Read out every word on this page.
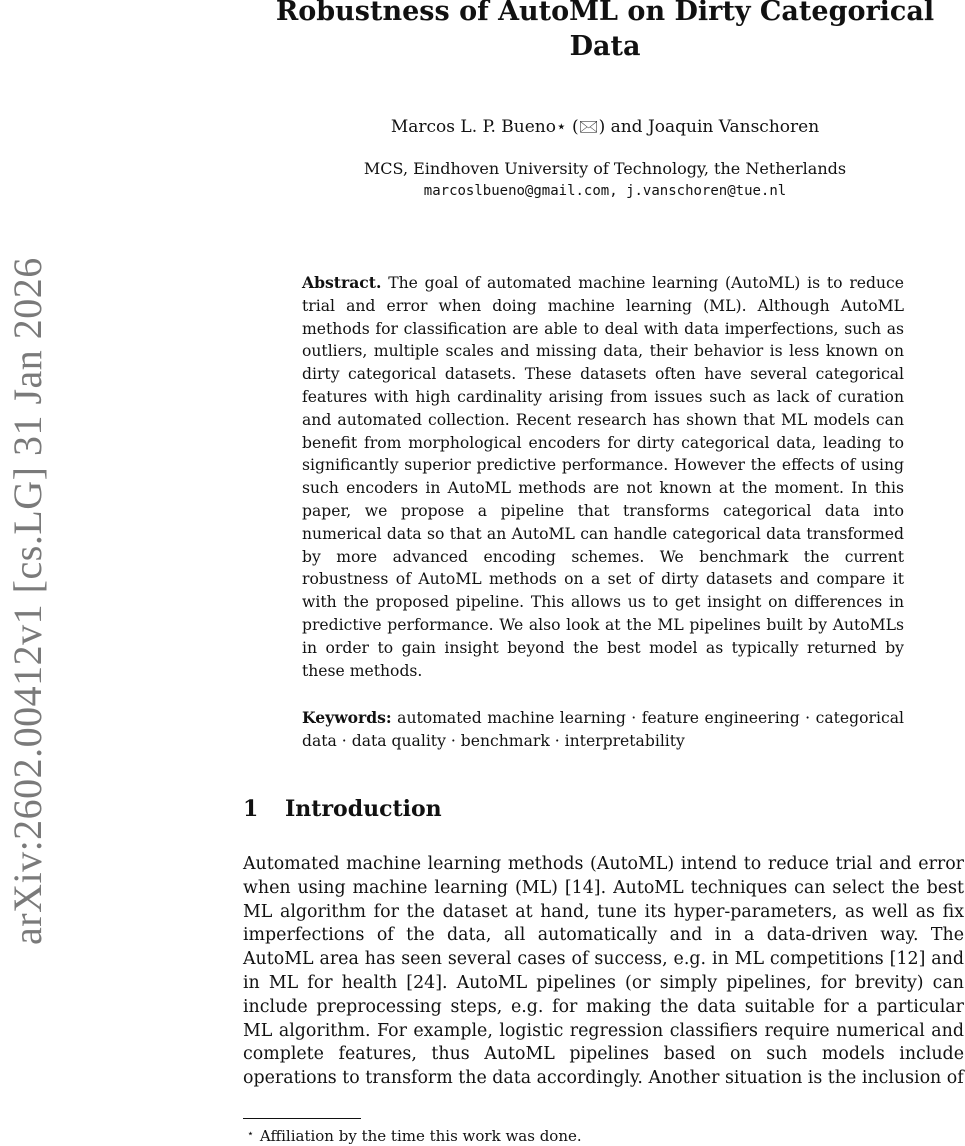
arXiv:2602.00412v1 [cs.LG] 31 Jan 2026
Robustness of AutoML on Dirty Categorical Data
Marcos L. P. Bueno⋆ (🖂) and Joaquin Vanschoren
MCS, Eindhoven University of Technology, the Netherlands
marcoslbueno@gmail.com, j.vanschoren@tue.nl
Abstract. The goal of automated machine learning (AutoML) is to reduce trial and error when doing machine learning (ML). Although AutoML methods for classification are able to deal with data imperfections, such as outliers, multiple scales and missing data, their behavior is less known on dirty categorical datasets. These datasets often have several categorical features with high cardinality arising from issues such as lack of curation and automated collection. Recent research has shown that ML models can benefit from morphological encoders for dirty categorical data, leading to significantly superior predictive performance. However the effects of using such encoders in AutoML methods are not known at the moment. In this paper, we propose a pipeline that transforms categorical data into numerical data so that an AutoML can handle categorical data transformed by more advanced encoding schemes. We benchmark the current robustness of AutoML methods on a set of dirty datasets and compare it with the proposed pipeline. This allows us to get insight on differences in predictive performance. We also look at the ML pipelines built by AutoMLs in order to gain insight beyond the best model as typically returned by these methods.
Keywords: automated machine learning · feature engineering · categorical data · data quality · benchmark · interpretability
1 Introduction
Automated machine learning methods (AutoML) intend to reduce trial and error when using machine learning (ML) [14]. AutoML techniques can select the best ML algorithm for the dataset at hand, tune its hyper-parameters, as well as fix imperfections of the data, all automatically and in a data-driven way. The AutoML area has seen several cases of success, e.g. in ML competitions [12] and in ML for health [24]. AutoML pipelines (or simply pipelines, for brevity) can include preprocessing steps, e.g. for making the data suitable for a particular ML algorithm. For example, logistic regression classifiers require numerical and complete features, thus AutoML pipelines based on such models include operations to transform the data accordingly. Another situation is the inclusion of
⋆ Affiliation by the time this work was done.
